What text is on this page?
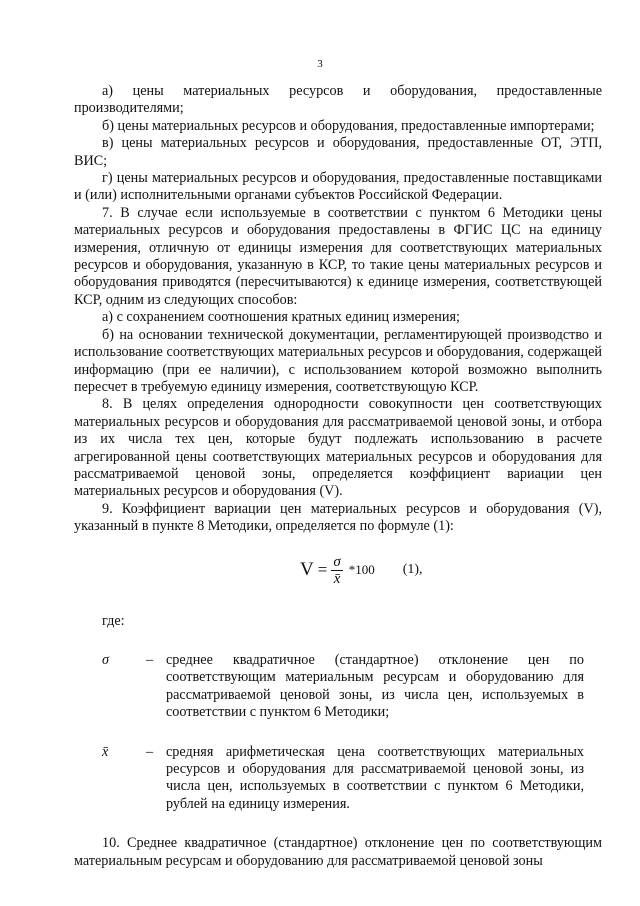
3

а) цены материальных ресурсов и оборудования, предоставленные производителями;

б) цены материальных ресурсов и оборудования, предоставленные импортерами;

в) цены материальных ресурсов и оборудования, предоставленные ОТ, ЭТП, ВИС;

г) цены материальных ресурсов и оборудования, предоставленные поставщиками и (или) исполнительными органами субъектов Российской Федерации.

7. В случае если используемые в соответствии с пунктом 6 Методики цены материальных ресурсов и оборудования предоставлены в ФГИС ЦС на единицу измерения, отличную от единицы измерения для соответствующих материальных ресурсов и оборудования, указанную в КСР, то такие цены материальных ресурсов и оборудования приводятся (пересчитываются) к единице измерения, соответствующей КСР, одним из следующих способов:

а) с сохранением соотношения кратных единиц измерения;

б) на основании технической документации, регламентирующей производство и использование соответствующих материальных ресурсов и оборудования, содержащей информацию (при ее наличии), с использованием которой возможно выполнить пересчет в требуемую единицу измерения, соответствующую КСР.

8. В целях определения однородности совокупности цен соответствующих материальных ресурсов и оборудования для рассматриваемой ценовой зоны, и отбора из их числа тех цен, которые будут подлежать использованию в расчете агрегированной цены соответствующих материальных ресурсов и оборудования для рассматриваемой ценовой зоны, определяется коэффициент вариации цен материальных ресурсов и оборудования (V).

9. Коэффициент вариации цен материальных ресурсов и оборудования (V), указанный в пункте 8 Методики, определяется по формуле (1):

$V = \frac{\sigma}{x̄} *100$ (1),
где:
σ	– среднее квадратичное (стандартное) отклонение цен по соответствующим материальным ресурсам и оборудованию для рассматриваемой ценовой зоны, из числа цен, используемых в соответствии с пунктом 6 Методики;
x̄	– средняя арифметическая цена соответствующих материальных ресурсов и оборудования для рассматриваемой ценовой зоны, из числа цен, используемых в соответствии с пунктом 6 Методики, рублей на единицу измерения.

10. Среднее квадратичное (стандартное) отклонение цен по соответствующим материальным ресурсам и оборудованию для рассматриваемой ценовой зоны
